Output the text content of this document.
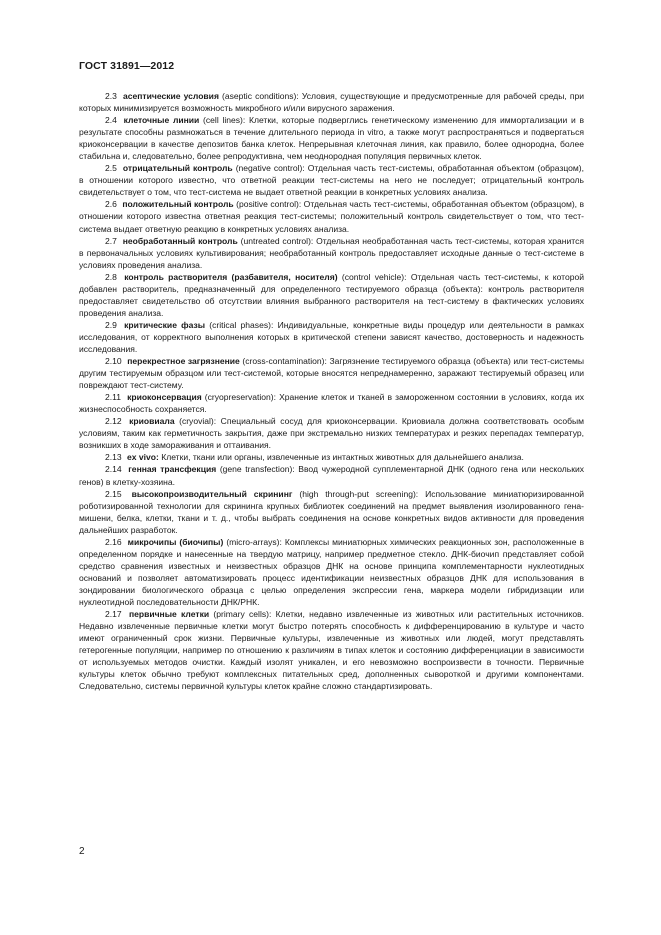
ГОСТ 31891—2012

2.3 асептические условия (aseptic conditions): Условия, существующие и предусмотренные для рабочей среды, при которых минимизируется возможность микробного и/или вирусного заражения.

2.4 клеточные линии (cell lines): Клетки, которые подверглись генетическому изменению для иммортализации и в результате способны размножаться в течение длительного периода in vitro, а также могут распространяться и подвергаться криоконсервации в качестве депозитов банка клеток. Непрерывная клеточная линия, как правило, более однородна, более стабильна и, следовательно, более репродуктивна, чем неоднородная популяция первичных клеток.

2.5 отрицательный контроль (negative control): Отдельная часть тест-системы, обработанная объектом (образцом), в отношении которого известно, что ответной реакции тест-системы на него не последует; отрицательный контроль свидетельствует о том, что тест-система не выдает ответной реакции в конкретных условиях анализа.

2.6 положительный контроль (positive control): Отдельная часть тест-системы, обработанная объектом (образцом), в отношении которого известна ответная реакция тест-системы; положительный контроль свидетельствует о том, что тест-система выдает ответную реакцию в конкретных условиях анализа.

2.7 необработанный контроль (untreated control): Отдельная необработанная часть тест-системы, которая хранится в первоначальных условиях культивирования; необработанный контроль предоставляет исходные данные о тест-системе в условиях проведения анализа.

2.8 контроль растворителя (разбавителя, носителя) (control vehicle): Отдельная часть тест-системы, к которой добавлен растворитель, предназначенный для определенного тестируемого образца (объекта): контроль растворителя предоставляет свидетельство об отсутствии влияния выбранного растворителя на тест-систему в фактических условиях проведения анализа.

2.9 критические фазы (critical phases): Индивидуальные, конкретные виды процедур или деятельности в рамках исследования, от корректного выполнения которых в критической степени зависят качество, достоверность и надежность исследования.

2.10 перекрестное загрязнение (cross-contamination): Загрязнение тестируемого образца (объекта) или тест-системы другим тестируемым образцом или тест-системой, которые вносятся непреднамеренно, заражают тестируемый образец или повреждают тест-систему.

2.11 криоконсервация (cryopreservation): Хранение клеток и тканей в замороженном состоянии в условиях, когда их жизнеспособность сохраняется.

2.12 криовиала (cryovial): Специальный сосуд для криоконсервации. Криовиала должна соответствовать особым условиям, таким как герметичность закрытия, даже при экстремально низких температурах и резких перепадах температур, возникших в ходе замораживания и оттаивания.

2.13 ex vivo: Клетки, ткани или органы, извлеченные из интактных животных для дальнейшего анализа.

2.14 генная трансфекция (gene transfection): Ввод чужеродной супплементарной ДНК (одного гена или нескольких генов) в клетку-хозяина.

2.15 высокопроизводительный скрининг (high through-put screening): Использование миниатюризированной роботизированной технологии для скрининга крупных библиотек соединений на предмет выявления изолированного гена-мишени, белка, клетки, ткани и т. д., чтобы выбрать соединения на основе конкретных видов активности для проведения дальнейших разработок.

2.16 микрочипы (биочипы) (micro-arrays): Комплексы миниатюрных химических реакционных зон, расположенные в определенном порядке и нанесенные на твердую матрицу, например предметное стекло. ДНК-биочип представляет собой средство сравнения известных и неизвестных образцов ДНК на основе принципа комплементарности нуклеотидных оснований и позволяет автоматизировать процесс идентификации неизвестных образцов ДНК для использования в зондировании биологического образца с целью определения экспрессии гена, маркера модели гибридизации или нуклеотидной последовательности ДНК/РНК.

2.17 первичные клетки (primary cells): Клетки, недавно извлеченные из животных или растительных источников. Недавно извлеченные первичные клетки могут быстро потерять способность к дифференцированию в культуре и часто имеют ограниченный срок жизни. Первичные культуры, извлеченные из животных или людей, могут представлять гетерогенные популяции, например по отношению к различиям в типах клеток и состоянию дифференциации в зависимости от используемых методов очистки. Каждый изолят уникален, и его невозможно воспроизвести в точности. Первичные культуры клеток обычно требуют комплексных питательных сред, дополненных сывороткой и другими компонентами. Следовательно, системы первичной культуры клеток крайне сложно стандартизировать.

2
